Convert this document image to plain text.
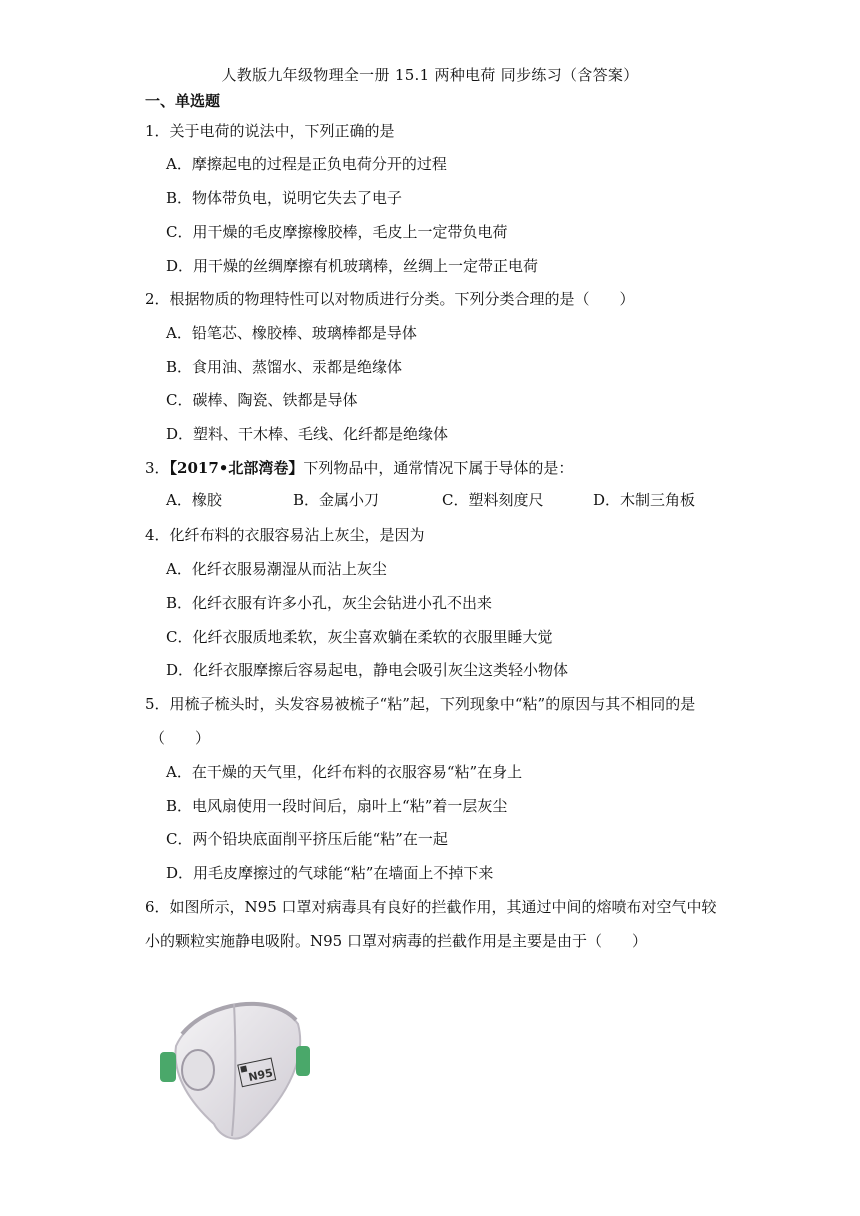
人教版九年级物理全一册 15.1 两种电荷 同步练习（含答案）
一、单选题
1．关于电荷的说法中，下列正确的是
A．摩擦起电的过程是正负电荷分开的过程
B．物体带负电，说明它失去了电子
C．用干燥的毛皮摩擦橡胶棒，毛皮上一定带负电荷
D．用干燥的丝绸摩擦有机玻璃棒，丝绸上一定带正电荷
2．根据物质的物理特性可以对物质进行分类。下列分类合理的是（　　）
A．铅笔芯、橡胶棒、玻璃棒都是导体
B．食用油、蒸馏水、汞都是绝缘体
C．碳棒、陶瓷、铁都是导体
D．塑料、干木棒、毛线、化纤都是绝缘体
3．【2017•北部湾卷】下列物品中，通常情况下属于导体的是：
A．橡胶	B．金属小刀	C．塑料刻度尺	D．木制三角板
4．化纤布料的衣服容易沾上灰尘，是因为
A．化纤衣服易潮湿从而沾上灰尘
B．化纤衣服有许多小孔，灰尘会钻进小孔不出来
C．化纤衣服质地柔软，灰尘喜欢躺在柔软的衣服里睡大觉
D．化纤衣服摩擦后容易起电，静电会吸引灰尘这类轻小物体
5．用梳子梳头时，头发容易被梳子“粘”起，下列现象中“粘”的原因与其不相同的是
（　　）
A．在干燥的天气里，化纤布料的衣服容易“粘”在身上
B．电风扇使用一段时间后，扇叶上“粘”着一层灰尘
C．两个铅块底面削平挤压后能“粘”在一起
D．用毛皮摩擦过的气球能“粘”在墙面上不掉下来
6．如图所示，N95 口罩对病毒具有良好的拦截作用，其通过中间的熔喷布对空气中较
小的颗粒实施静电吸附。N95 口罩对病毒的拦截作用是主要是由于（　　）
N95
